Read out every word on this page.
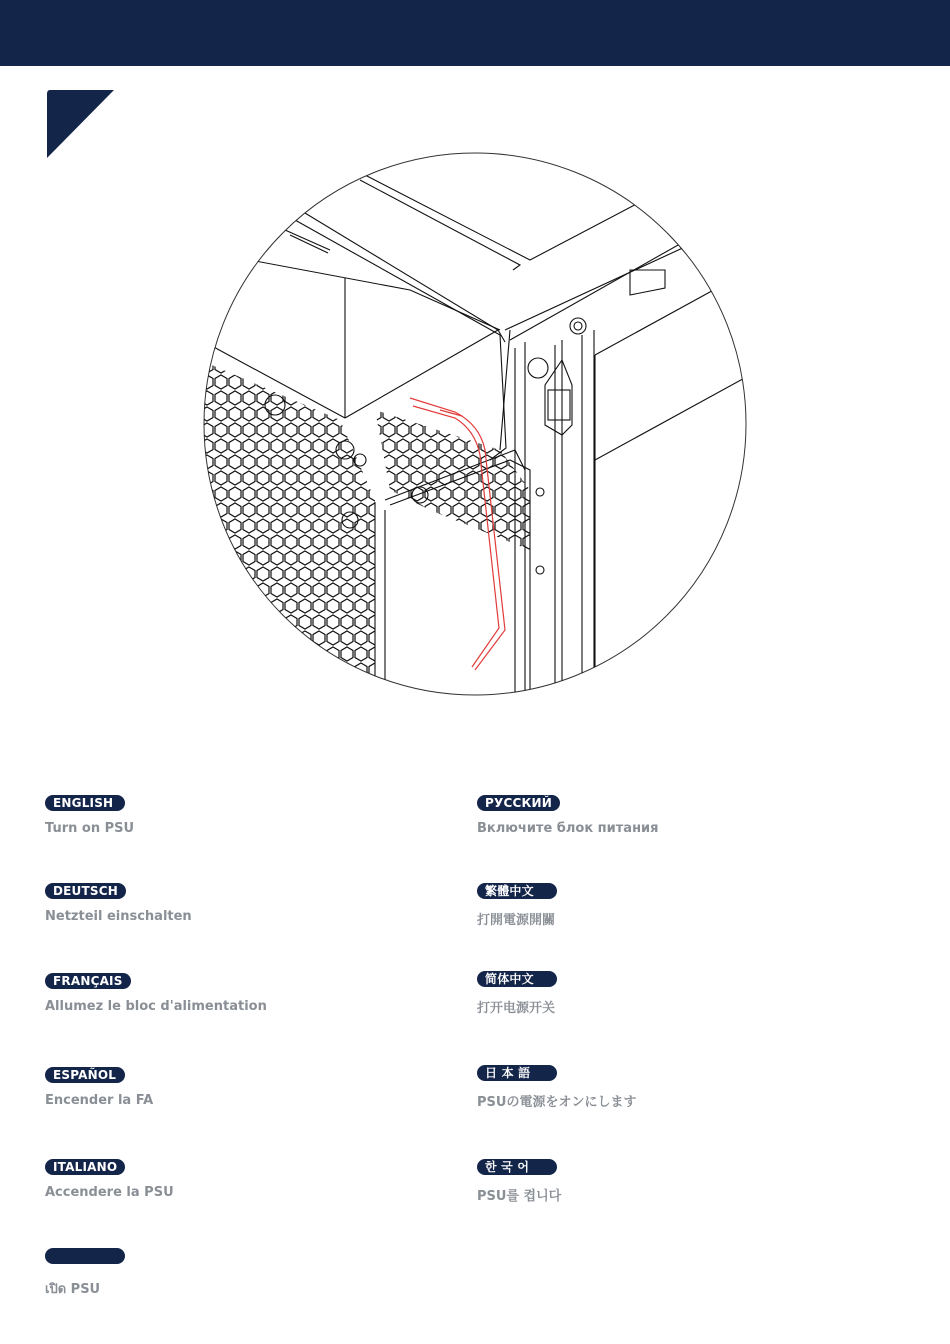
ENGLISH
Turn on PSU
DEUTSCH
Netzteil einschalten
FRANÇAIS
Allumez le bloc d'alimentation
ESPAÑOL
Encender la FA
ITALIANO
Accendere la PSU
เปิด PSU
РУССКИЙ
Включите блок питания
繁體中文
打開電源開關
简体中文
打开电源开关
日 本 語
PSUの電源をオンにします
한 국 어
PSU를 켭니다
